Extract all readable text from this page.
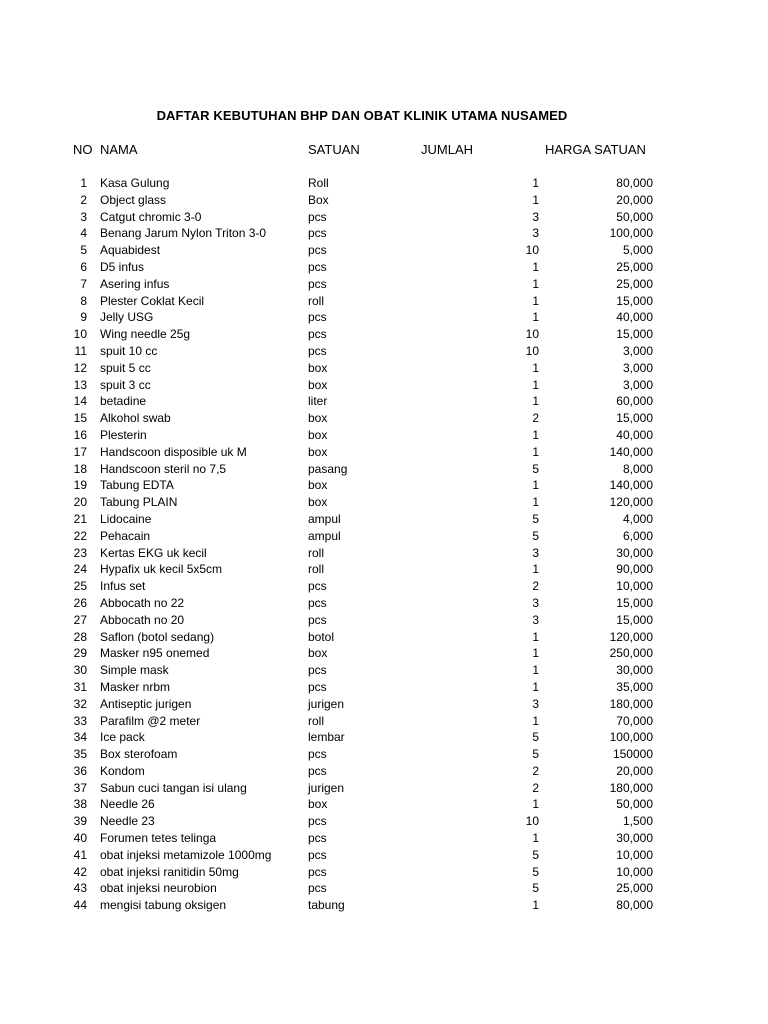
DAFTAR KEBUTUHAN BHP DAN OBAT KLINIK UTAMA NUSAMED
NO NAMA	SATUAN	JUMLAH	HARGA SATUAN
1 Kasa Gulung	Roll	1	80,000
2 Object glass	Box	1	20,000
3 Catgut chromic 3-0	pcs	3	50,000
4 Benang Jarum Nylon Triton 3-0	pcs	3	100,000
5 Aquabidest	pcs	10	5,000
6 D5 infus	pcs	1	25,000
7 Asering infus	pcs	1	25,000
8 Plester Coklat Kecil	roll	1	15,000
9 Jelly USG	pcs	1	40,000
10 Wing needle 25g	pcs	10	15,000
11 spuit 10 cc	pcs	10	3,000
12 spuit 5 cc	box	1	3,000
13 spuit 3 cc	box	1	3,000
14 betadine	liter	1	60,000
15 Alkohol swab	box	2	15,000
16 Plesterin	box	1	40,000
17 Handscoon disposible uk M	box	1	140,000
18 Handscoon steril no 7,5	pasang	5	8,000
19 Tabung EDTA	box	1	140,000
20 Tabung PLAIN	box	1	120,000
21 Lidocaine	ampul	5	4,000
22 Pehacain	ampul	5	6,000
23 Kertas EKG uk kecil	roll	3	30,000
24 Hypafix uk kecil 5x5cm	roll	1	90,000
25 Infus set	pcs	2	10,000
26 Abbocath no 22	pcs	3	15,000
27 Abbocath no 20	pcs	3	15,000
28 Saflon (botol sedang)	botol	1	120,000
29 Masker n95 onemed	box	1	250,000
30 Simple mask	pcs	1	30,000
31 Masker nrbm	pcs	1	35,000
32 Antiseptic jurigen	jurigen	3	180,000
33 Parafilm @2 meter	roll	1	70,000
34 Ice pack	lembar	5	100,000
35 Box sterofoam	pcs	5	150000
36 Kondom	pcs	2	20,000
37 Sabun cuci tangan isi ulang	jurigen	2	180,000
38 Needle 26	box	1	50,000
39 Needle 23	pcs	10	1,500
40 Forumen tetes telinga	pcs	1	30,000
41 obat injeksi metamizole 1000mg	pcs	5	10,000
42 obat injeksi ranitidin 50mg	pcs	5	10,000
43 obat injeksi neurobion	pcs	5	25,000
44 mengisi tabung oksigen	tabung	1	80,000
